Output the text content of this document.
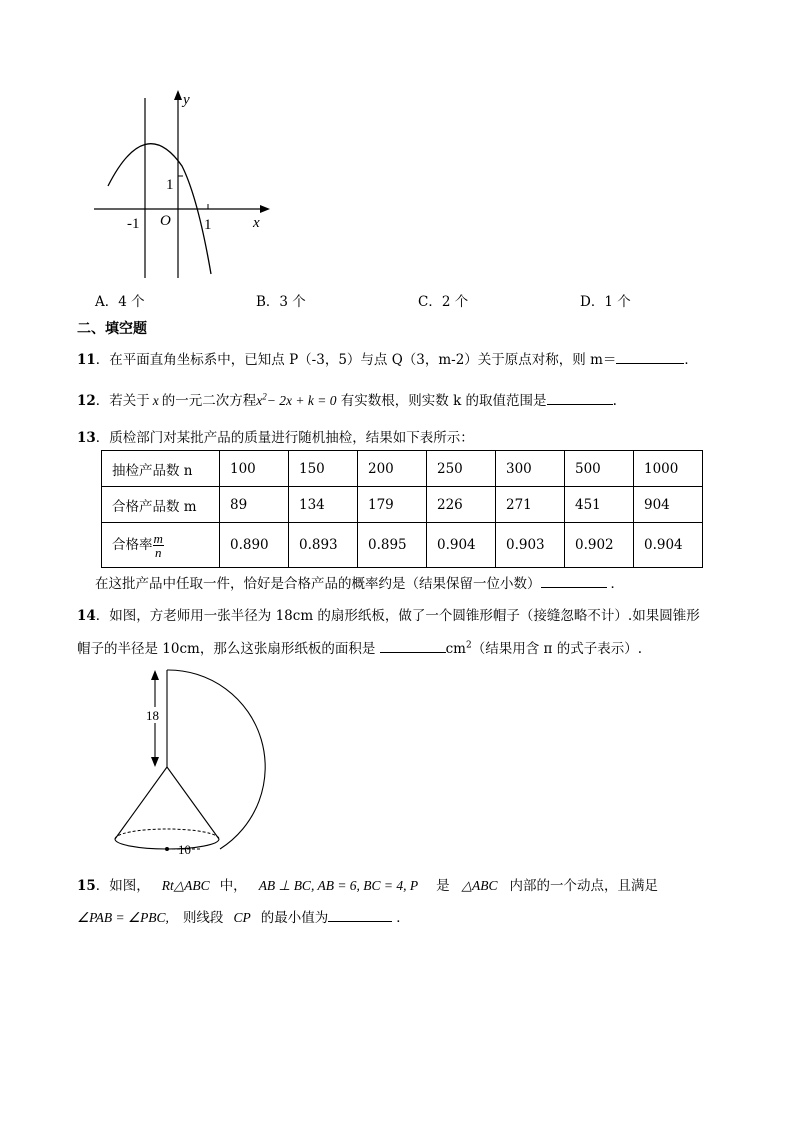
y
x
O
-1	1
1
A．4 个	B．3 个	C．2 个	D．1 个
二、填空题
11．在平面直角坐标系中，已知点 P（-3，5）与点 Q（3，m-2）关于原点对称，则 m＝	．
12．若关于 x 的一元二次方程$x^2- 2x + k = 0$ 有实数根，则实数 k 的取值范围是	.
13．质检部门对某批产品的质量进行随机抽检，结果如下表所示：
抽检产品数 n	100	150	200	250	300	500	1000
合格产品数 m	89	134	179	226	271	451	904
合格率 $\frac{m}{n}$	0.890	0.893	0.895	0.904	0.903	0.902	0.904
在这批产品中任取一件，恰好是合格产品的概率约是（结果保留一位小数）	．
14．如图，方老师用一张半径为 18cm 的扇形纸板，做了一个圆锥形帽子（接缝忽略不计）.如果圆锥形
帽子的半径是 10cm，那么这张扇形纸板的面积是	$cm^2$（结果用含 π 的式子表示）.
18
10
15．如图， Rt△ABC 中， AB ⊥ BC, AB = 6, BC = 4, P 是 △ABC 内部的一个动点，且满足
∠PAB = ∠PBC, 则线段 CP 的最小值为	．
